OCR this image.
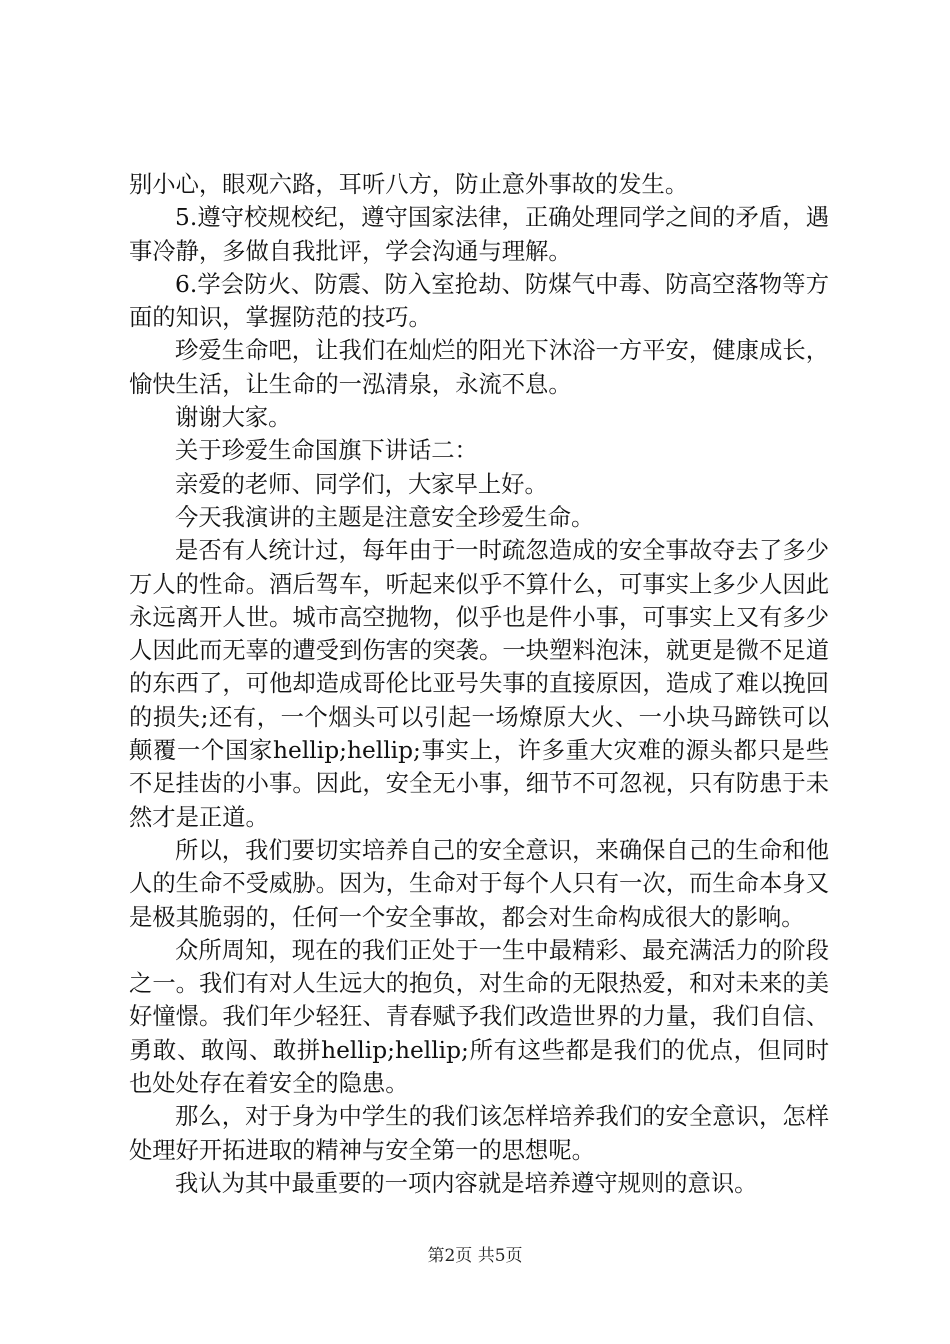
别小心，眼观六路，耳听八方，防止意外事故的发生。

5.遵守校规校纪，遵守国家法律，正确处理同学之间的矛盾，遇事冷静，多做自我批评，学会沟通与理解。

6.学会防火、防震、防入室抢劫、防煤气中毒、防高空落物等方面的知识，掌握防范的技巧。

珍爱生命吧，让我们在灿烂的阳光下沐浴一方平安，健康成长，愉快生活，让生命的一泓清泉，永流不息。

谢谢大家。

关于珍爱生命国旗下讲话二：

亲爱的老师、同学们，大家早上好。

今天我演讲的主题是注意安全珍爱生命。

是否有人统计过，每年由于一时疏忽造成的安全事故夺去了多少万人的性命。酒后驾车，听起来似乎不算什么，可事实上多少人因此永远离开人世。城市高空抛物，似乎也是件小事，可事实上又有多少人因此而无辜的遭受到伤害的突袭。一块塑料泡沫，就更是微不足道的东西了，可他却造成哥伦比亚号失事的直接原因，造成了难以挽回的损失;还有，一个烟头可以引起一场燎原大火、一小块马蹄铁可以颠覆一个国家hellip;hellip;事实上，许多重大灾难的源头都只是些不足挂齿的小事。因此，安全无小事，细节不可忽视，只有防患于未然才是正道。

所以，我们要切实培养自己的安全意识，来确保自己的生命和他人的生命不受威胁。因为，生命对于每个人只有一次，而生命本身又是极其脆弱的，任何一个安全事故，都会对生命构成很大的影响。

众所周知，现在的我们正处于一生中最精彩、最充满活力的阶段之一。我们有对人生远大的抱负，对生命的无限热爱，和对未来的美好憧憬。我们年少轻狂、青春赋予我们改造世界的力量，我们自信、勇敢、敢闯、敢拼hellip;hellip;所有这些都是我们的优点，但同时也处处存在着安全的隐患。

那么，对于身为中学生的我们该怎样培养我们的安全意识，怎样处理好开拓进取的精神与安全第一的思想呢。

我认为其中最重要的一项内容就是培养遵守规则的意识。

第2页 共5页
